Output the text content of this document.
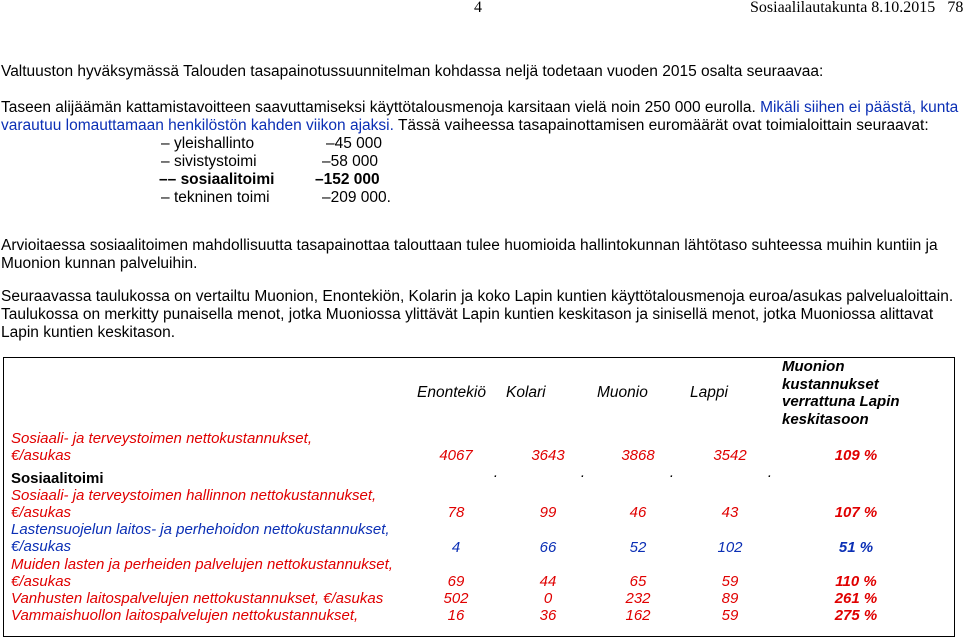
4	Sosiaalilautakunta 8.10.2015 78
Valtuuston hyväksymässä Talouden tasapainotussuunnitelman kohdassa neljä todetaan vuoden 2015 osalta seuraavaa:
Taseen alijäämän kattamistavoitteen saavuttamiseksi käyttötalousmenoja karsitaan vielä noin 250 000 eurolla. Mikäli siihen ei päästä, kunta
varautuu lomauttamaan henkilöstön kahden viikon ajaksi. Tässä vaiheessa tasapainottamisen euromäärät ovat toimialoittain seuraavat:
– yleishallinto	–45 000
– sivistystoimi	–58 000
–– sosiaalitoimi	–152 000
– tekninen toimi	–209 000.
Arvioitaessa sosiaalitoimen mahdollisuutta tasapainottaa talouttaan tulee huomioida hallintokunnan lähtötaso suhteessa muihin kuntiin ja
Muonion kunnan palveluihin.
Seuraavassa taulukossa on vertailtu Muonion, Enontekiön, Kolarin ja koko Lapin kuntien käyttötalousmenoja euroa/asukas palvelualoittain.
Taulukossa on merkitty punaisella menot, jotka Muoniossa ylittävät Lapin kuntien keskitason ja sinisellä menot, jotka Muoniossa alittavat
Lapin kuntien keskitason.
Enontekiö Kolari	Muonio	Lappi
Muonion
kustannukset
verrattuna Lapin
keskitasoon
Sosiaali- ja terveystoimen nettokustannukset,
€/asukas	4067	3643	3868	3542	109 %
Sosiaalitoimi	.	.	.	.
Sosiaali- ja terveystoimen hallinnon nettokustannukset,
€/asukas	78	99	46	43	107 %
Lastensuojelun laitos- ja perhehoidon nettokustannukset,
€/asukas	4	66	52	102	51 %
Muiden lasten ja perheiden palvelujen nettokustannukset,
€/asukas	69	44	65	59	110 %
Vanhusten laitospalvelujen nettokustannukset, €/asukas	502	0	232	89	261 %
Vammaishuollon laitospalvelujen nettokustannukset,	16	36	162	59	275 %
